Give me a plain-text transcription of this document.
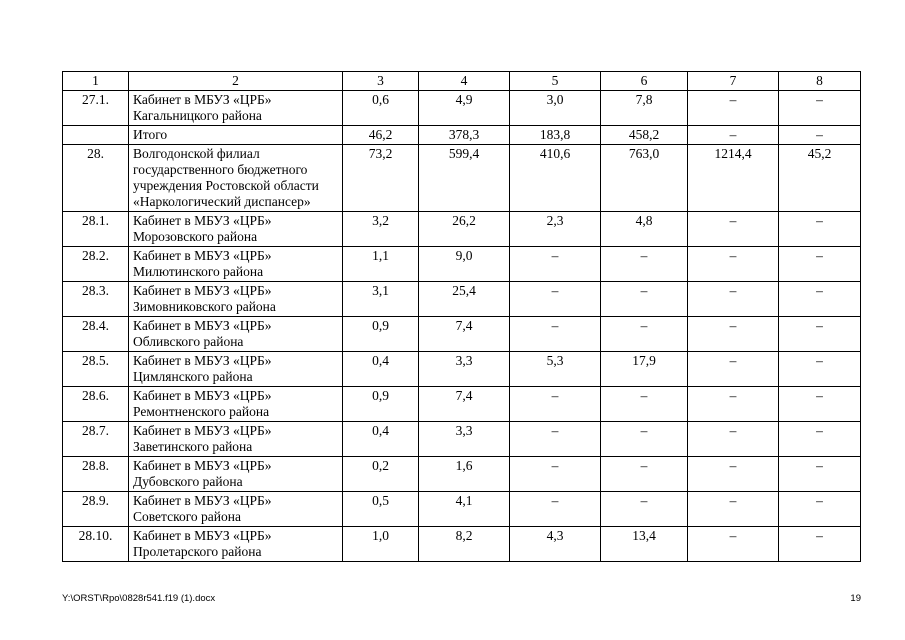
1	2	3	4	5	6	7	8
27.1.	Кабинет в МБУЗ «ЦРБ» Кагальницкого района	0,6	4,9	3,0	7,8	–	–
	Итого	46,2	378,3	183,8	458,2	–	–
28.	Волгодонской филиал государственного бюджетного учреждения Ростовской области «Наркологический диспансер»	73,2	599,4	410,6	763,0	1214,4	45,2
28.1.	Кабинет в МБУЗ «ЦРБ» Морозовского района	3,2	26,2	2,3	4,8	–	–
28.2.	Кабинет в МБУЗ «ЦРБ» Милютинского района	1,1	9,0	–	–	–	–
28.3.	Кабинет в МБУЗ «ЦРБ» Зимовниковского района	3,1	25,4	–	–	–	–
28.4.	Кабинет в МБУЗ «ЦРБ» Обливского района	0,9	7,4	–	–	–	–
28.5.	Кабинет в МБУЗ «ЦРБ» Цимлянского района	0,4	3,3	5,3	17,9	–	–
28.6.	Кабинет в МБУЗ «ЦРБ» Ремонтненского района	0,9	7,4	–	–	–	–
28.7.	Кабинет в МБУЗ «ЦРБ» Заветинского района	0,4	3,3	–	–	–	–
28.8.	Кабинет в МБУЗ «ЦРБ» Дубовского района	0,2	1,6	–	–	–	–
28.9.	Кабинет в МБУЗ «ЦРБ» Советского района	0,5	4,1	–	–	–	–
28.10.	Кабинет в МБУЗ «ЦРБ» Пролетарского района	1,0	8,2	4,3	13,4	–	–
Y:\ORST\Rpo\0828r541.f19 (1).docx	19
